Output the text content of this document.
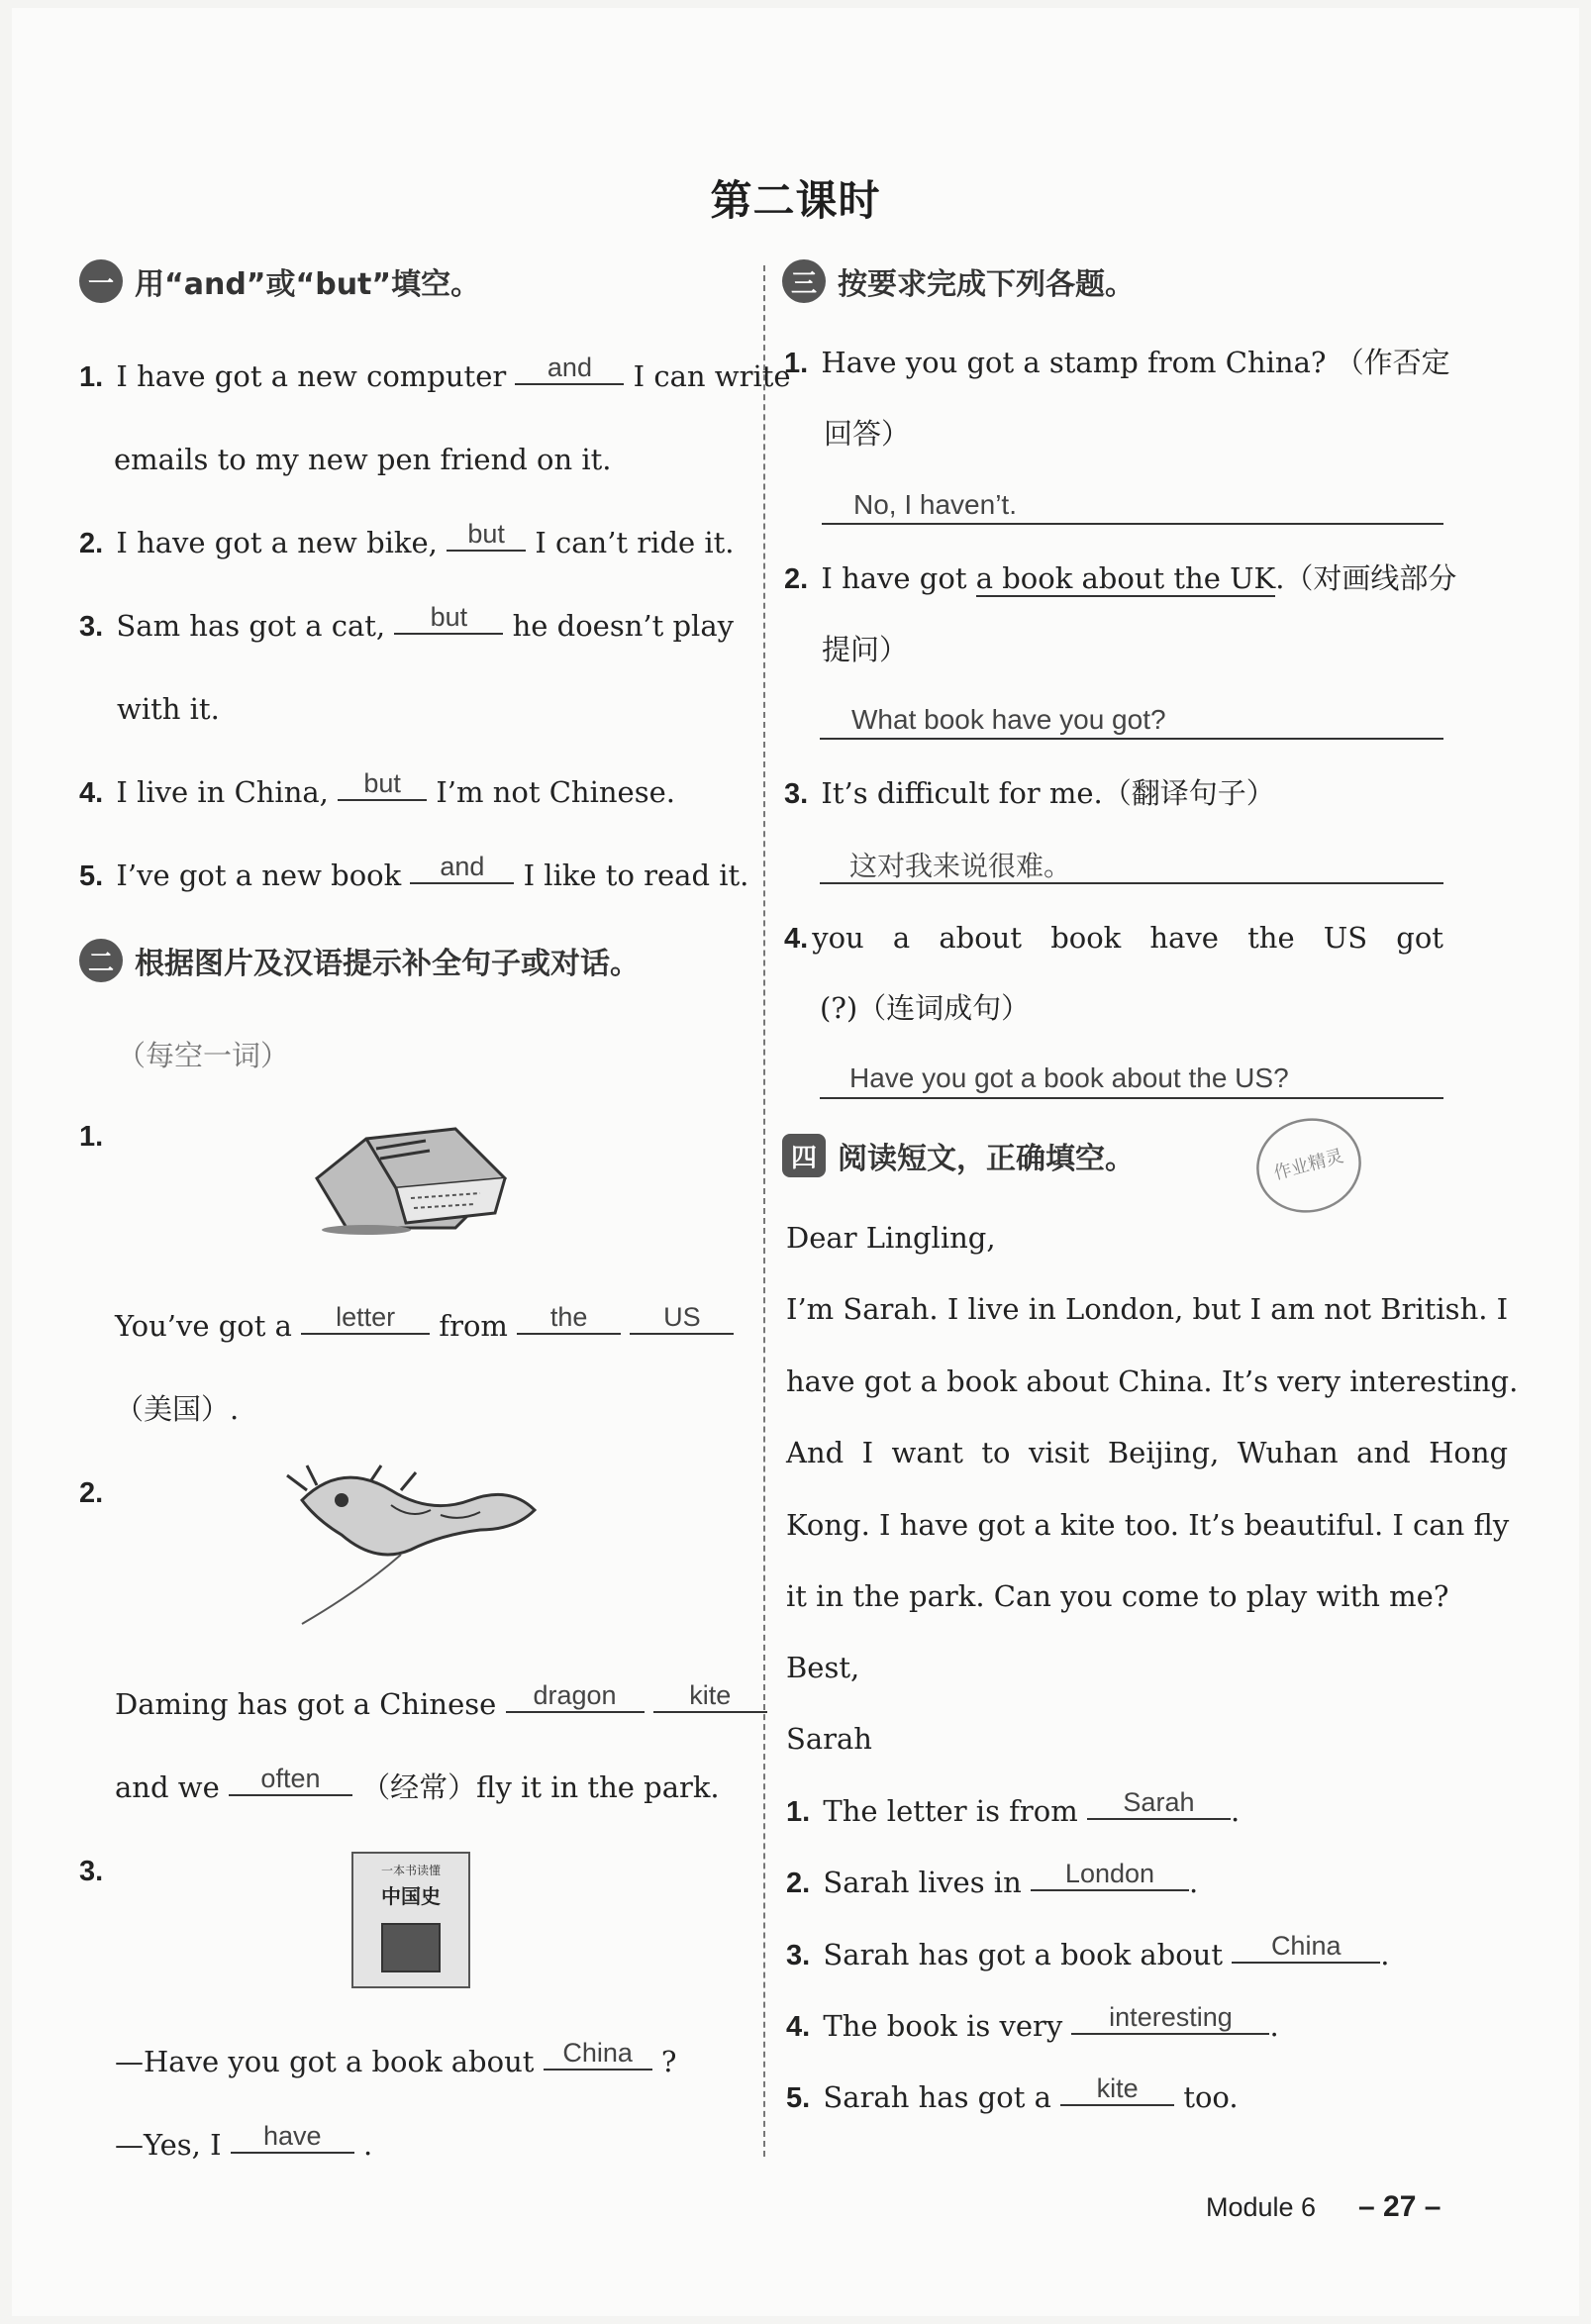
第二课时
一 用“and”或“but”填空。
1. I have got a new computer and I can write
emails to my new pen friend on it.
2. I have got a new bike, but I can’t ride it.
3. Sam has got a cat, but he doesn’t play
with it.
4. I live in China, but I’m not Chinese.
5. I’ve got a new book and I like to read it.
二 根据图片及汉语提示补全句子或对话。
（每空一词）
1.
You’ve got a letter from the	US
（美国）.
2.
Daming has got a Chinese dragon	kite
and we often （经常）fly it in the park.
3.	一本书读懂
中国史
—Have you got a book about China ?
—Yes, I have .
三 按要求完成下列各题。
1. Have you got a stamp from China? （作否定
回答）
No, I haven’t.
2. I have got a book about the UK.（对画线部分
提问）
What book have you got?
3. It’s difficult for me.（翻译句子）
这对我来说很难。
4. you a about book have the US got
(?)（连词成句）
Have you got a book about the US?
四 阅读短文，正确填空。	作业精灵
Dear Lingling,
I’m Sarah. I live in London, but I am not British. I
have got a book about China. It’s very interesting.
And  I  want  to  visit  Beijing,  Wuhan  and  Hong
Kong. I have got a kite too. It’s beautiful. I can fly
it in the park. Can you come to play with me?
Best,
Sarah
1. The letter is from Sarah .
2. Sarah lives in London .
3. Sarah has got a book about China .
4. The book is very interesting .
5. Sarah has got a kite too.
Module 6 – 27 –
